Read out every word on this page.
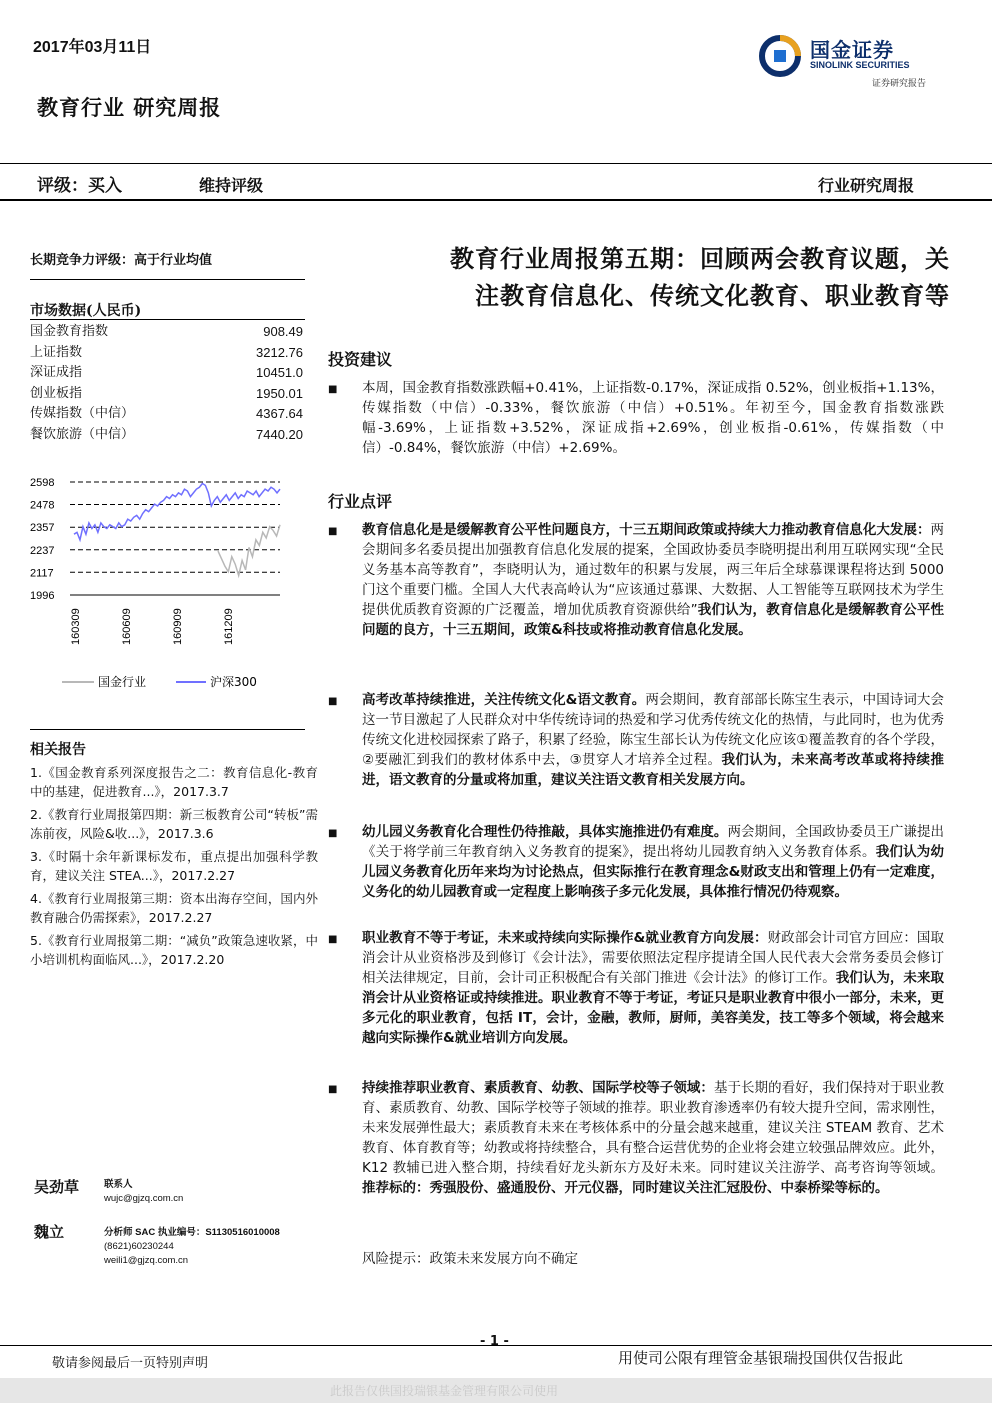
2017年03月11日	国金证券
SINOLINK SECURITIES
证券研究报告
教育行业 研究周报
评级：买入	维持评级	行业研究周报
长期竞争力评级：高于行业均值
市场数据(人民币)
国金教育指数	908.49
上证指数	3212.76
深证成指	10451.0
创业板指	1950.01
传媒指数（中信）	4367.64
餐饮旅游（中信）	7440.20
2598
2478
2357
2237
2117
1996
160309	160609	160909	161209
国金行业	沪深300
相关报告
1.《国金教育系列深度报告之二：教育信息化-教育中的基建，促进教育...》，2017.3.7
2.《教育行业周报第四期：新三板教育公司“转板”需冻前夜，风险&收...》，2017.3.6
3.《时隔十余年新课标发布，重点提出加强科学教育，建议关注 STEA...》，2017.2.27
4.《教育行业周报第三期：资本出海存空间，国内外教育融合仍需探索》，2017.2.27
5.《教育行业周报第二期：“减负”政策急速收紧，中小培训机构面临风...》，2017.2.20
吴劲草	联系人
wujc@gjzq.com.cn
魏立	分析师 SAC 执业编号：S1130516010008
(8621)60230244
weili1@gjzq.com.cn
教育行业周报第五期：回顾两会教育议题，关
注教育信息化、传统文化教育、职业教育等
投资建议
■ 本周，国金教育指数涨跌幅+0.41%，上证指数-0.17%，深证成指 0.52%，创业板指+1.13%，传媒指数（中信）-0.33%，餐饮旅游（中信）+0.51%。年初至今，国金教育指数涨跌幅-3.69%，上证指数+3.52%，深证成指+2.69%，创业板指-0.61%，传媒指数（中信）-0.84%，餐饮旅游（中信）+2.69%。
行业点评
■ 教育信息化是是缓解教育公平性问题良方，十三五期间政策或持续大力推动教育信息化大发展：两会期间多名委员提出加强教育信息化发展的提案，全国政协委员李晓明提出利用互联网实现“全民义务基本高等教育”，李晓明认为，通过数年的积累与发展，两三年后全球慕课课程将达到 5000 门这个重要门槛。全国人大代表高岭认为“应该通过慕课、大数据、人工智能等互联网技术为学生提供优质教育资源的广泛覆盖，增加优质教育资源供给”我们认为，教育信息化是缓解教育公平性问题的良方，十三五期间，政策&科技或将推动教育信息化发展。
■ 高考改革持续推进，关注传统文化&语文教育。两会期间，教育部部长陈宝生表示，中国诗词大会这一节目激起了人民群众对中华传统诗词的热爱和学习优秀传统文化的热情，与此同时，也为优秀传统文化进校园探索了路子，积累了经验，陈宝生部长认为传统文化应该①覆盖教育的各个学段，②要融汇到我们的教材体系中去，③贯穿人才培养全过程。我们认为，未来高考改革或将持续推进，语文教育的分量或将加重，建议关注语文教育相关发展方向。
■ 幼儿园义务教育化合理性仍待推敲，具体实施推进仍有难度。两会期间，全国政协委员王广谦提出《关于将学前三年教育纳入义务教育的提案》，提出将幼儿园教育纳入义务教育体系。我们认为幼儿园义务教育化历年来均为讨论热点，但实际推行在教育理念&财政支出和管理上仍有一定难度，义务化的幼儿园教育或一定程度上影响孩子多元化发展，具体推行情况仍待观察。
■ 职业教育不等于考证，未来或持续向实际操作&就业教育方向发展：财政部会计司官方回应：国取消会计从业资格涉及到修订《会计法》，需要依照法定程序提请全国人民代表大会常务委员会修订相关法律规定，目前，会计司正积极配合有关部门推进《会计法》的修订工作。我们认为，未来取消会计从业资格证或持续推进。职业教育不等于考证，考证只是职业教育中很小一部分，未来，更多元化的职业教育，包括 IT，会计，金融，教师，厨师，美容美发，技工等多个领域，将会越来越向实际操作&就业培训方向发展。
■ 持续推荐职业教育、素质教育、幼教、国际学校等子领域：基于长期的看好，我们保持对于职业教育、素质教育、幼教、国际学校等子领域的推荐。职业教育渗透率仍有较大提升空间，需求刚性，未来发展弹性最大；素质教育未来在考核体系中的分量会越来越重，建议关注 STEAM 教育、艺术教育、体育教育等；幼教或将持续整合，具有整合运营优势的企业将会建立较强品牌效应。此外，K12 教辅已进入整合期，持续看好龙头新东方及好未来。同时建议关注游学、高考咨询等领域。推荐标的：秀强股份、盛通股份、开元仪器，同时建议关注汇冠股份、中泰桥梁等标的。
风险提示：政策未来发展方向不确定
- 1 -
敬请参阅最后一页特别声明	用使司公限有理管金基银瑞投国供仅告报此
此报告仅供国投瑞银基金管理有限公司使用
